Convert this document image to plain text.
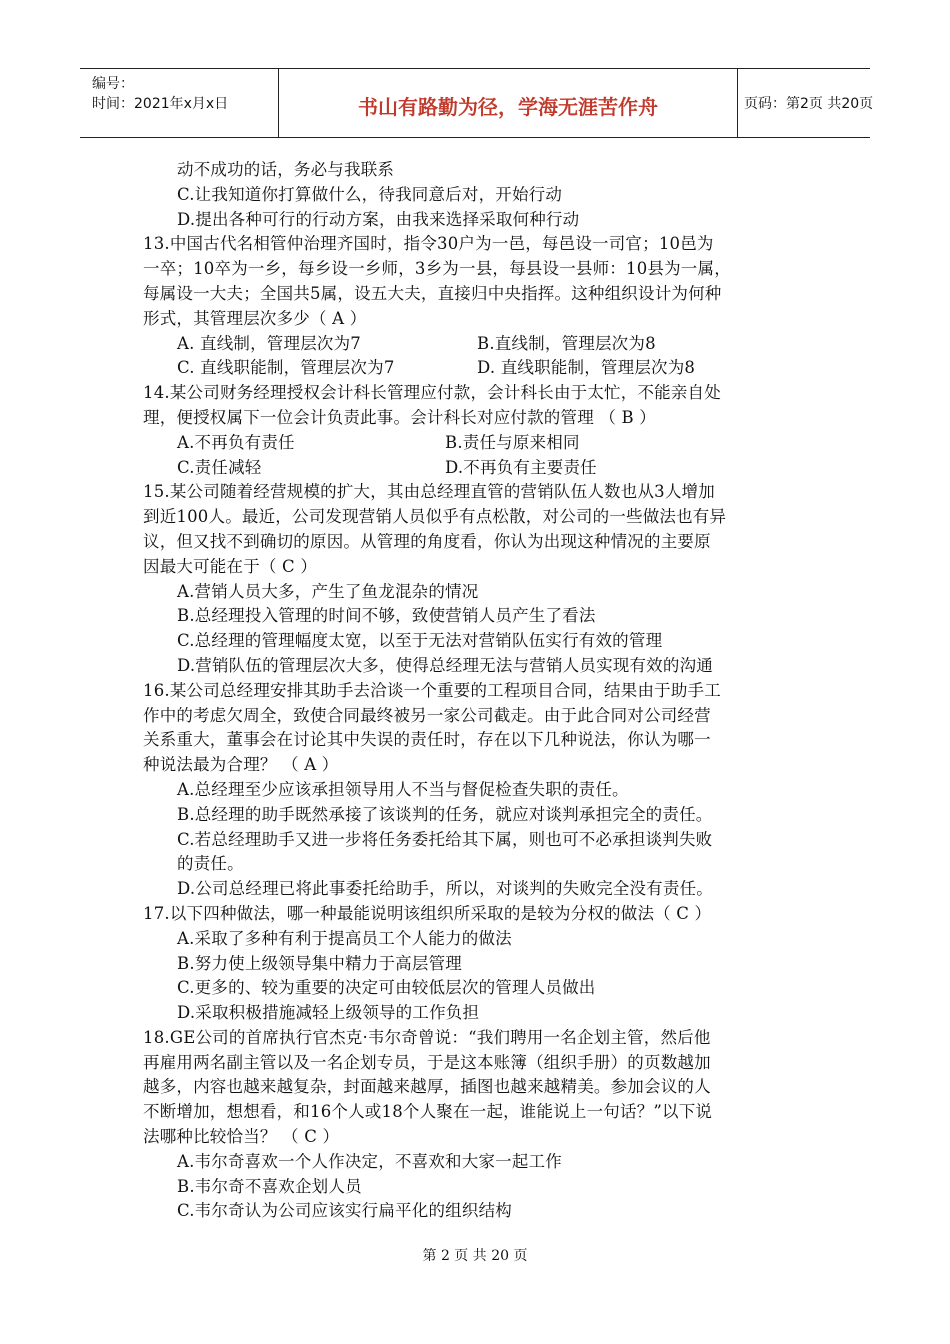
编号：
时间：2021年x月x日	书山有路勤为径，学海无涯苦作舟	页码：第2页 共20页
动不成功的话，务必与我联系
C.让我知道你打算做什么，待我同意后对，开始行动
D.提出各种可行的行动方案，由我来选择采取何种行动
13.中国古代名相管仲治理齐国时，指令30户为一邑，每邑设一司官；10邑为
一卒；10卒为一乡，每乡设一乡师，3乡为一县，每县设一县师：10县为一属，
每属设一大夫；全国共5属，设五大夫，直接归中央指挥。这种组织设计为何种
形式，其管理层次多少（ A ）
A. 直线制，管理层次为7	B.直线制，管理层次为8
C. 直线职能制，管理层次为7	D. 直线职能制，管理层次为8
14.某公司财务经理授权会计科长管理应付款，会计科长由于太忙，不能亲自处
理，便授权属下一位会计负责此事。会计科长对应付款的管理 （ B ）
A.不再负有责任	B.责任与原来相同
C.责任减轻	D.不再负有主要责任
15.某公司随着经营规模的扩大，其由总经理直管的营销队伍人数也从3人增加
到近100人。最近，公司发现营销人员似乎有点松散，对公司的一些做法也有异
议，但又找不到确切的原因。从管理的角度看，你认为出现这种情况的主要原
因最大可能在于（ C ）
A.营销人员大多，产生了鱼龙混杂的情况
B.总经理投入管理的时间不够，致使营销人员产生了看法
C.总经理的管理幅度太宽，以至于无法对营销队伍实行有效的管理
D.营销队伍的管理层次大多，使得总经理无法与营销人员实现有效的沟通
16.某公司总经理安排其助手去洽谈一个重要的工程项目合同，结果由于助手工
作中的考虑欠周全，致使合同最终被另一家公司截走。由于此合同对公司经营
关系重大，董事会在讨论其中失误的责任时，存在以下几种说法，你认为哪一
种说法最为合理？ （ A ）
A.总经理至少应该承担领导用人不当与督促检查失职的责任。
B.总经理的助手既然承接了该谈判的任务，就应对谈判承担完全的责任。
C.若总经理助手又进一步将任务委托给其下属，则也可不必承担谈判失败
的责任。
D.公司总经理已将此事委托给助手，所以，对谈判的失败完全没有责任。
17.以下四种做法，哪一种最能说明该组织所采取的是较为分权的做法（ C ）
A.采取了多种有利于提高员工个人能力的做法
B.努力使上级领导集中精力于高层管理
C.更多的、较为重要的决定可由较低层次的管理人员做出
D.采取积极措施减轻上级领导的工作负担
18.GE公司的首席执行官杰克·韦尔奇曾说：“我们聘用一名企划主管，然后他
再雇用两名副主管以及一名企划专员，于是这本账簿（组织手册）的页数越加
越多，内容也越来越复杂，封面越来越厚，插图也越来越精美。参加会议的人
不断增加，想想看，和16个人或18个人聚在一起，谁能说上一句话？”以下说
法哪种比较恰当？ （ C ）
A.韦尔奇喜欢一个人作决定，不喜欢和大家一起工作
B.韦尔奇不喜欢企划人员
C.韦尔奇认为公司应该实行扁平化的组织结构
第 2 页 共 20 页
